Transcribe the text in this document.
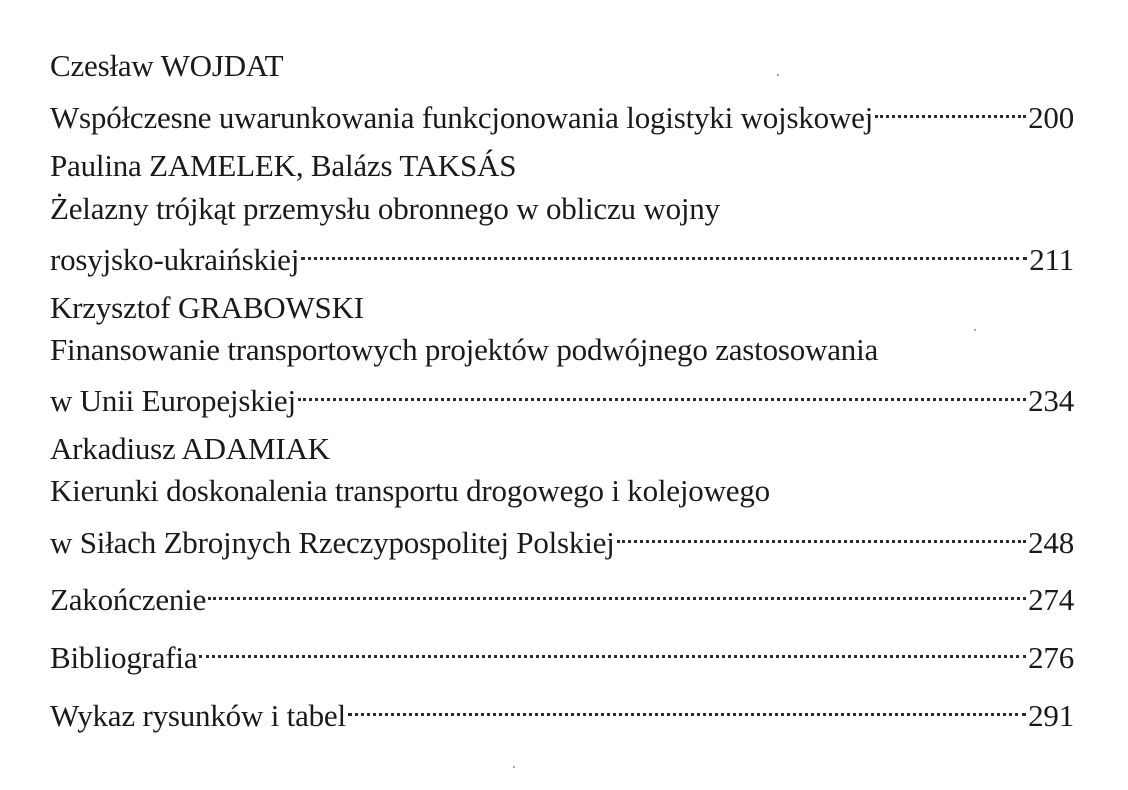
Czesław WOJDAT
Współczesne uwarunkowania funkcjonowania logistyki wojskowej	200
Paulina ZAMELEK, Balázs TAKSÁS
Żelazny trójkąt przemysłu obronnego w obliczu wojny
rosyjsko-ukraińskiej	211
Krzysztof GRABOWSKI
Finansowanie transportowych projektów podwójnego zastosowania
w Unii Europejskiej	234
Arkadiusz ADAMIAK
Kierunki doskonalenia transportu drogowego i kolejowego
w Siłach Zbrojnych Rzeczypospolitej Polskiej	248
Zakończenie	274
Bibliografia	276
Wykaz rysunków i tabel	291
